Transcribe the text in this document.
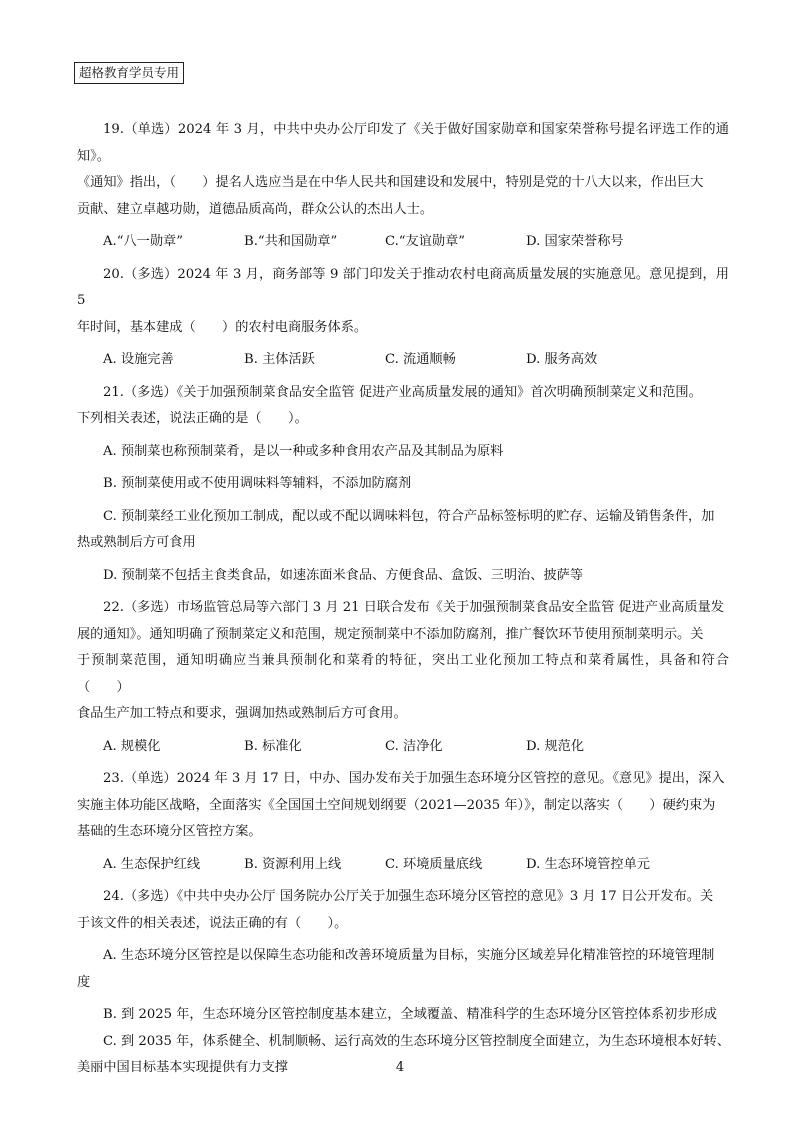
超格教育学员专用

19.（单选）2024 年 3 月，中共中央办公厅印发了《关于做好国家勋章和国家荣誉称号提名评选工作的通知》。

《通知》指出，（　　）提名人选应当是在中华人民共和国建设和发展中，特别是党的十八大以来，作出巨大

贡献、建立卓越功勋，道德品质高尚，群众公认的杰出人士。

A.“八一勋章”	B.“共和国勋章”	C.“友谊勋章”	D. 国家荣誉称号

20.（多选）2024 年 3 月，商务部等 9 部门印发关于推动农村电商高质量发展的实施意见。意见提到，用 5

年时间，基本建成（　　）的农村电商服务体系。

A. 设施完善	B. 主体活跃	C. 流通顺畅	D. 服务高效

21.（多选）《关于加强预制菜食品安全监管 促进产业高质量发展的通知》首次明确预制菜定义和范围。

下列相关表述，说法正确的是（　　）。

A. 预制菜也称预制菜肴，是以一种或多种食用农产品及其制品为原料

B. 预制菜使用或不使用调味料等辅料，不添加防腐剂

C. 预制菜经工业化预加工制成，配以或不配以调味料包，符合产品标签标明的贮存、运输及销售条件，加

热或熟制后方可食用

D. 预制菜不包括主食类食品，如速冻面米食品、方便食品、盒饭、三明治、披萨等

22.（多选）市场监管总局等六部门 3 月 21 日联合发布《关于加强预制菜食品安全监管 促进产业高质量发

展的通知》。通知明确了预制菜定义和范围，规定预制菜中不添加防腐剂，推广餐饮环节使用预制菜明示。关

于预制菜范围，通知明确应当兼具预制化和菜肴的特征，突出工业化预加工特点和菜肴属性，具备和符合（　　）

食品生产加工特点和要求，强调加热或熟制后方可食用。

A. 规模化	B. 标准化	C. 洁净化	D. 规范化

23.（单选）2024 年 3 月 17 日，中办、国办发布关于加强生态环境分区管控的意见。《意见》提出，深入

实施主体功能区战略，全面落实《全国国土空间规划纲要（2021—2035 年）》，制定以落实（　　）硬约束为

基础的生态环境分区管控方案。

A. 生态保护红线	B. 资源利用上线	C. 环境质量底线	D. 生态环境管控单元

24.（多选）《中共中央办公厅 国务院办公厅关于加强生态环境分区管控的意见》3 月 17 日公开发布。关

于该文件的相关表述，说法正确的有（　　）。

A. 生态环境分区管控是以保障生态功能和改善环境质量为目标，实施分区域差异化精准管控的环境管理制

度

B. 到 2025 年，生态环境分区管控制度基本建立，全域覆盖、精准科学的生态环境分区管控体系初步形成

C. 到 2035 年，体系健全、机制顺畅、运行高效的生态环境分区管控制度全面建立，为生态环境根本好转、

美丽中国目标基本实现提供有力支撑	4
